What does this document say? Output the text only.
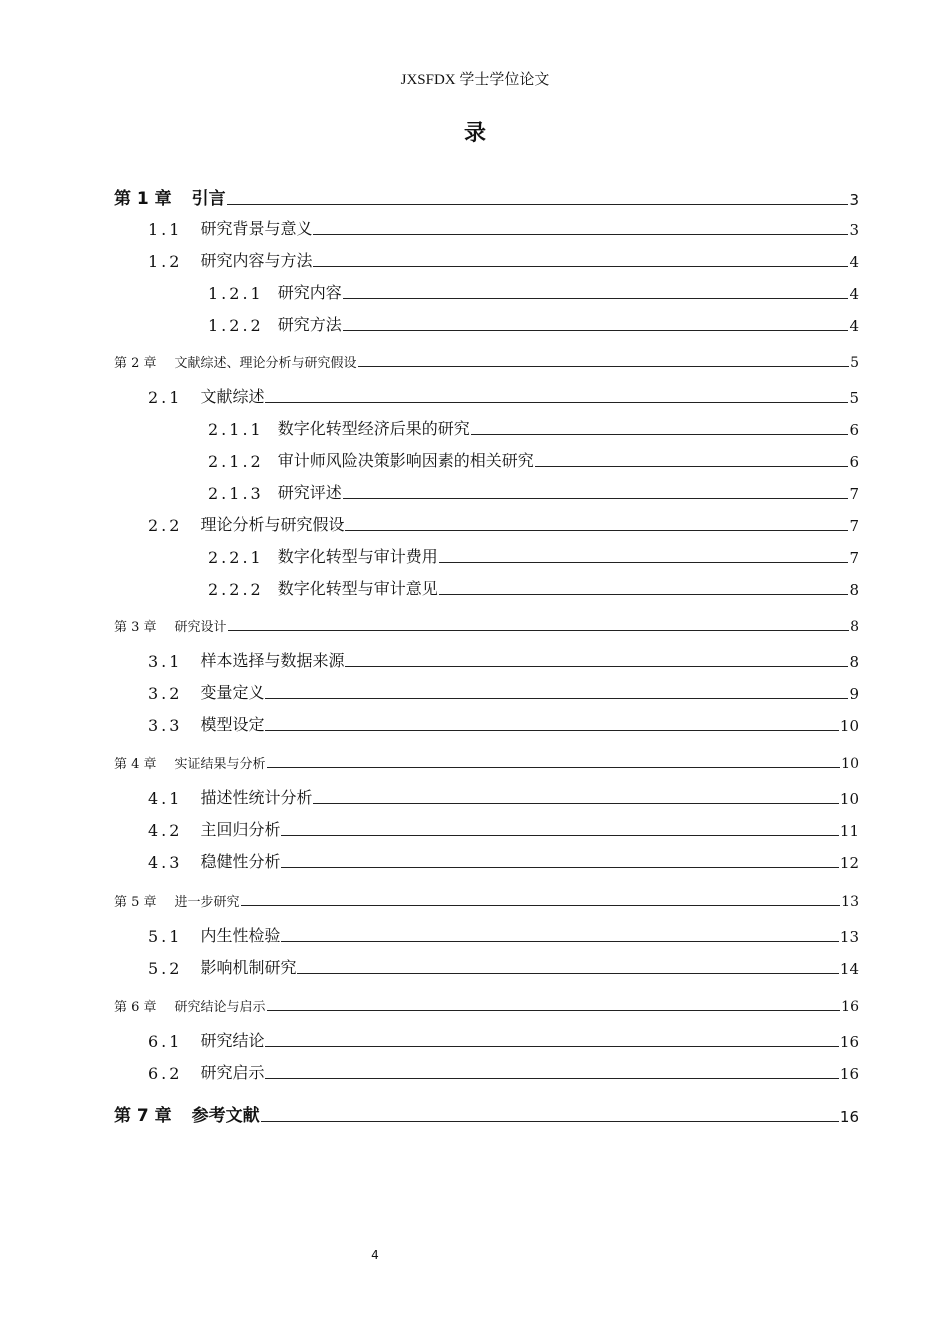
JXSFDX 学士学位论文
录
第 1 章 引言	3
1.1 研究背景与意义	3
1.2 研究内容与方法	4
1.2.1 研究内容	4
1.2.2 研究方法	4
第 2 章 文献综述、理论分析与研究假设	5
2.1 文献综述	5
2.1.1 数字化转型经济后果的研究	6
2.1.2 审计师风险决策影响因素的相关研究	6
2.1.3 研究评述	7
2.2 理论分析与研究假设	7
2.2.1 数字化转型与审计费用	7
2.2.2 数字化转型与审计意见	8
第 3 章 研究设计	8
3.1 样本选择与数据来源	8
3.2 变量定义	9
3.3 模型设定	10
第 4 章 实证结果与分析	10
4.1 描述性统计分析	10
4.2 主回归分析	11
4.3 稳健性分析	12
第 5 章 进一步研究	13
5.1 内生性检验	13
5.2 影响机制研究	14
第 6 章 研究结论与启示	16
6.1 研究结论	16
6.2 研究启示	16
第 7 章 参考文献	16
4
